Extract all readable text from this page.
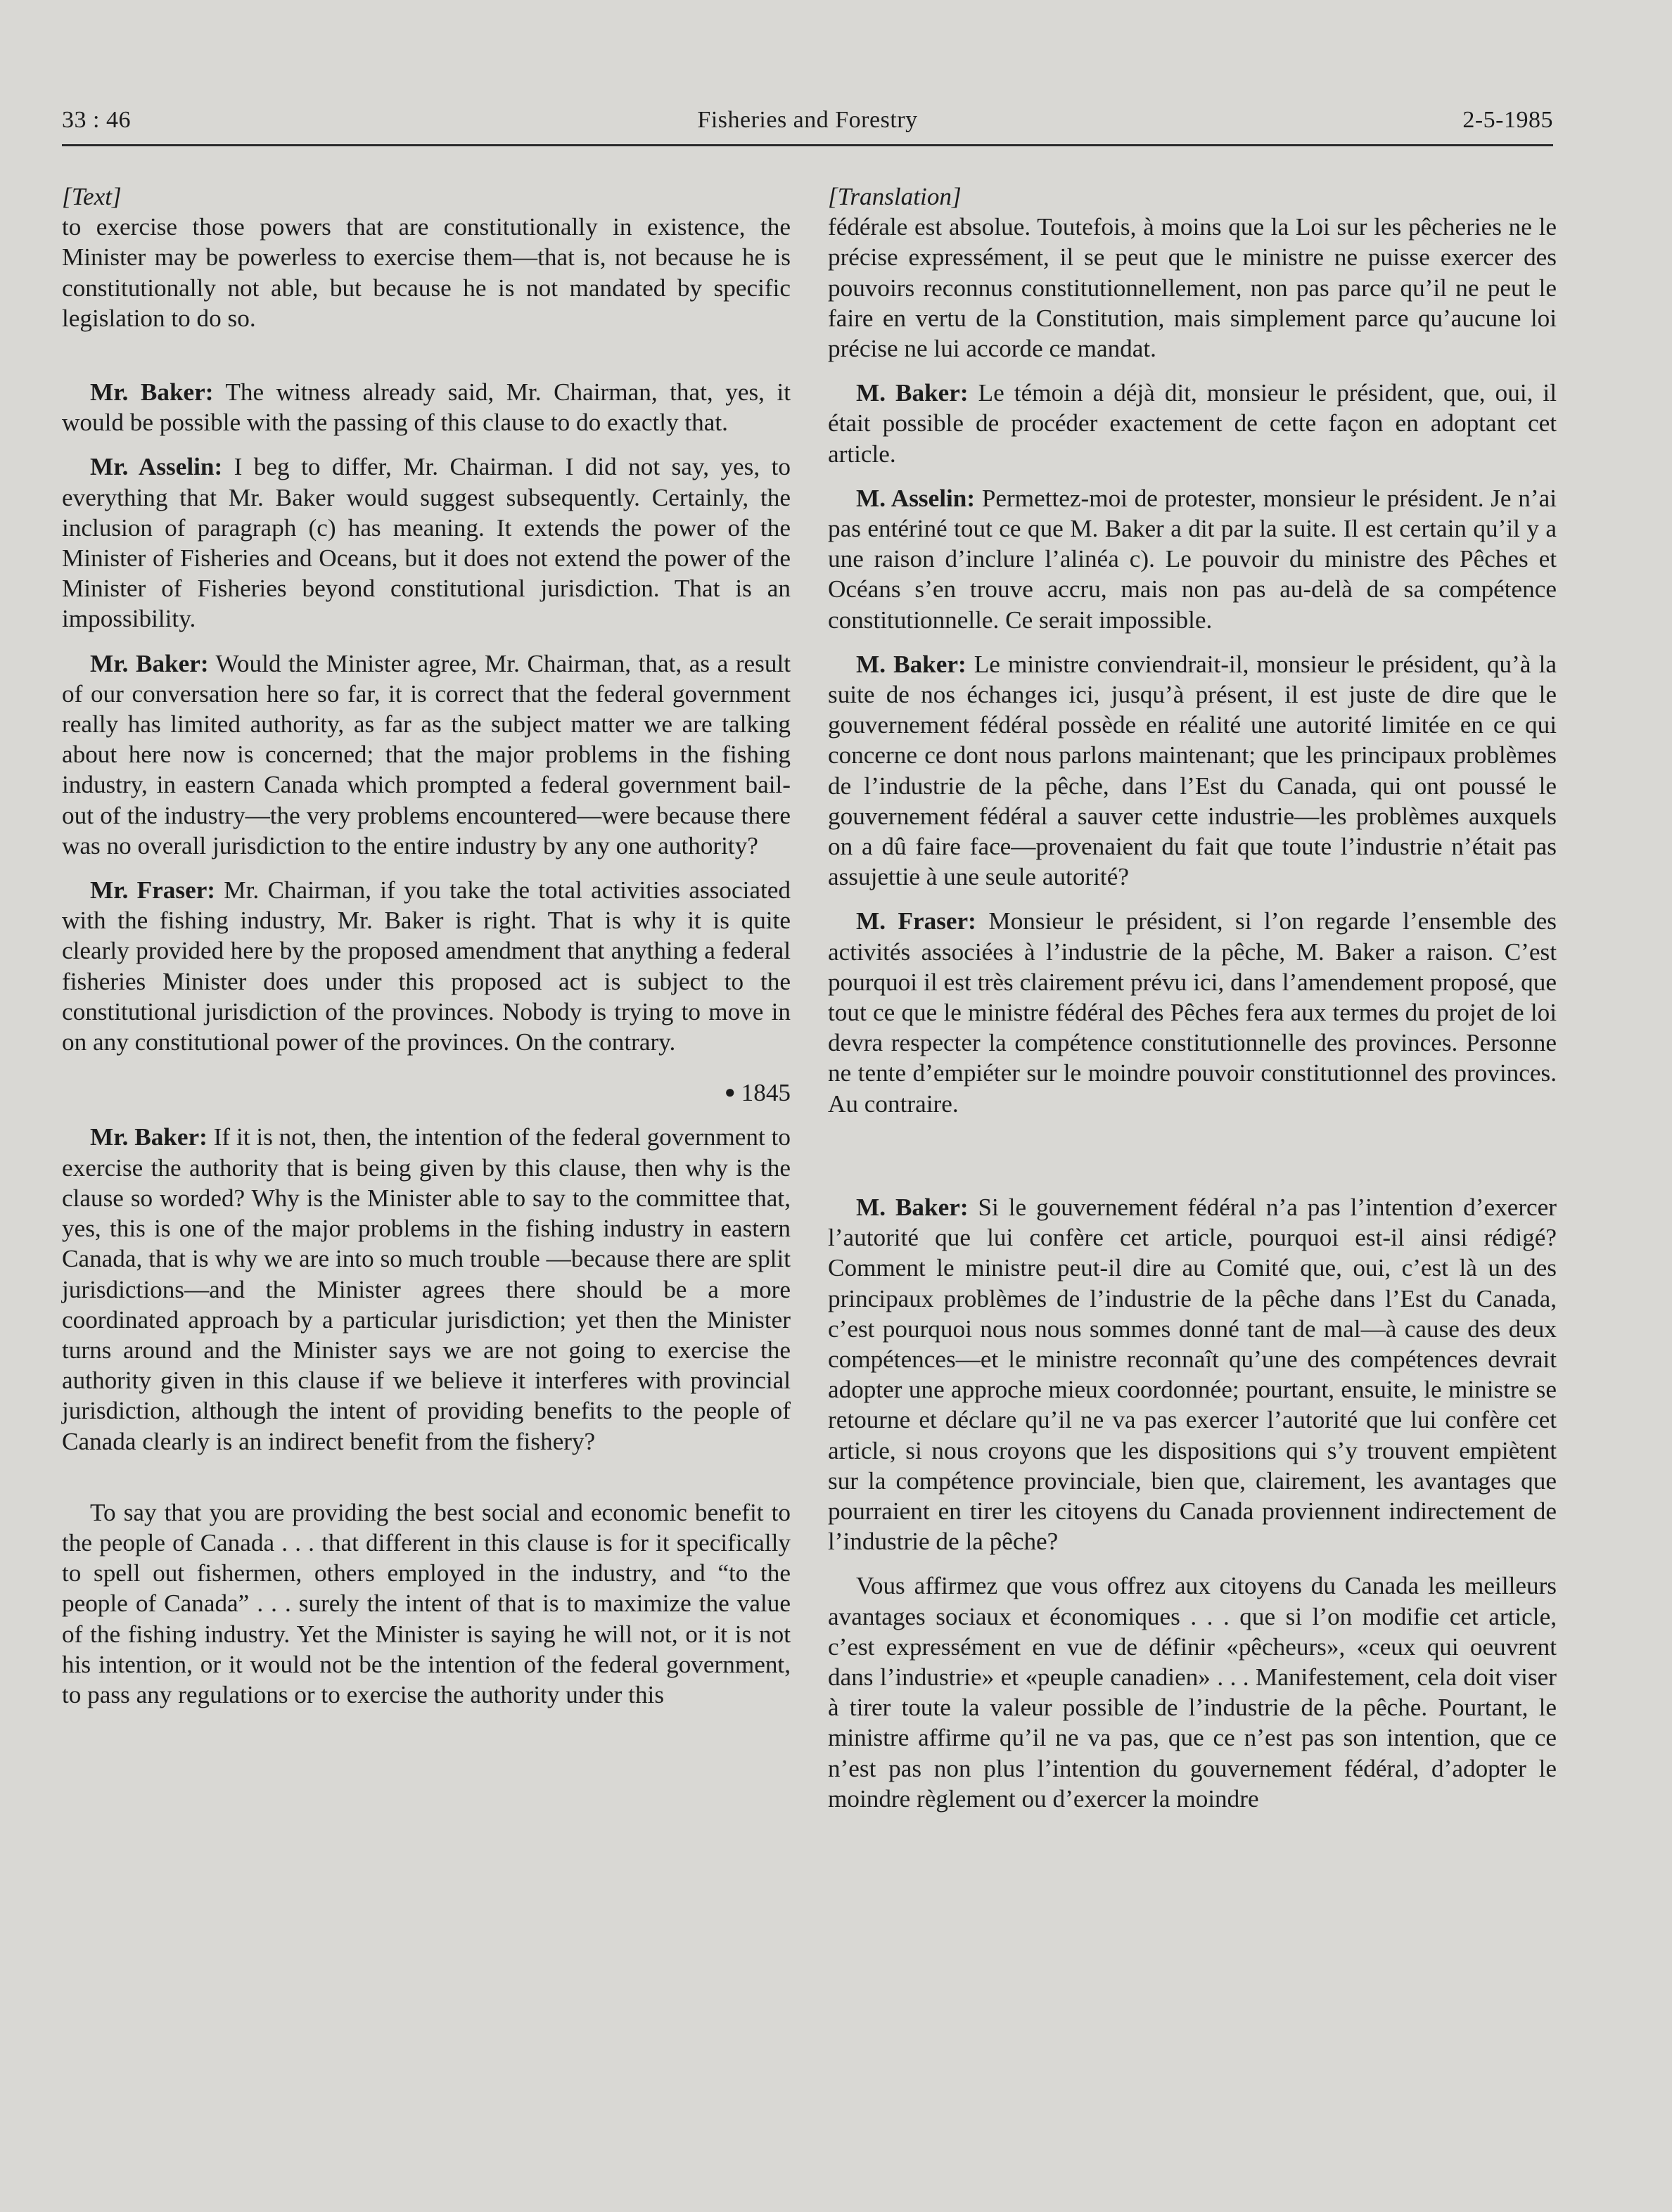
33 : 46	Fisheries and Forestry	2-5-1985

[Text]

to exercise those powers that are constitutionally in existence, the Minister may be powerless to exercise them—that is, not because he is constitutionally not able, but because he is not mandated by specific legislation to do so.

Mr. Baker: The witness already said, Mr. Chairman, that, yes, it would be possible with the passing of this clause to do exactly that.

Mr. Asselin: I beg to differ, Mr. Chairman. I did not say, yes, to everything that Mr. Baker would suggest subsequently. Certainly, the inclusion of paragraph (c) has meaning. It extends the power of the Minister of Fisheries and Oceans, but it does not extend the power of the Minister of Fisheries beyond constitutional jurisdiction. That is an impossibility.

Mr. Baker: Would the Minister agree, Mr. Chairman, that, as a result of our conversation here so far, it is correct that the federal government really has limited authority, as far as the subject matter we are talking about here now is concerned; that the major problems in the fishing industry, in eastern Canada which prompted a federal government bail-out of the industry—the very problems encountered—were because there was no overall jurisdiction to the entire industry by any one authority?

Mr. Fraser: Mr. Chairman, if you take the total activities associated with the fishing industry, Mr. Baker is right. That is why it is quite clearly provided here by the proposed amendment that anything a federal fisheries Minister does under this proposed act is subject to the constitutional jurisdiction of the provinces. Nobody is trying to move in on any constitutional power of the provinces. On the contrary.

● 1845

Mr. Baker: If it is not, then, the intention of the federal government to exercise the authority that is being given by this clause, then why is the clause so worded? Why is the Minister able to say to the committee that, yes, this is one of the major problems in the fishing industry in eastern Canada, that is why we are into so much trouble —because there are split jurisdictions—and the Minister agrees there should be a more coordinated approach by a particular jurisdiction; yet then the Minister turns around and the Minister says we are not going to exercise the authority given in this clause if we believe it interferes with provincial jurisdiction, although the intent of providing benefits to the people of Canada clearly is an indirect benefit from the fishery?

To say that you are providing the best social and economic benefit to the people of Canada . . . that different in this clause is for it specifically to spell out fishermen, others employed in the industry, and “to the people of Canada” . . . surely the intent of that is to maximize the value of the fishing industry. Yet the Minister is saying he will not, or it is not his intention, or it would not be the intention of the federal government, to pass any regulations or to exercise the authority under this

[Translation]

fédérale est absolue. Toutefois, à moins que la Loi sur les pêcheries ne le précise expressément, il se peut que le ministre ne puisse exercer des pouvoirs reconnus constitutionnellement, non pas parce qu’il ne peut le faire en vertu de la Constitution, mais simplement parce qu’aucune loi précise ne lui accorde ce mandat.

M. Baker: Le témoin a déjà dit, monsieur le président, que, oui, il était possible de procéder exactement de cette façon en adoptant cet article.

M. Asselin: Permettez-moi de protester, monsieur le président. Je n’ai pas entériné tout ce que M. Baker a dit par la suite. Il est certain qu’il y a une raison d’inclure l’alinéa c). Le pouvoir du ministre des Pêches et Océans s’en trouve accru, mais non pas au-delà de sa compétence constitutionnelle. Ce serait impossible.

M. Baker: Le ministre conviendrait-il, monsieur le président, qu’à la suite de nos échanges ici, jusqu’à présent, il est juste de dire que le gouvernement fédéral possède en réalité une autorité limitée en ce qui concerne ce dont nous parlons maintenant; que les principaux problèmes de l’industrie de la pêche, dans l’Est du Canada, qui ont poussé le gouvernement fédéral a sauver cette industrie—les problèmes auxquels on a dû faire face—provenaient du fait que toute l’industrie n’était pas assujettie à une seule autorité?

M. Fraser: Monsieur le président, si l’on regarde l’ensemble des activités associées à l’industrie de la pêche, M. Baker a raison. C’est pourquoi il est très clairement prévu ici, dans l’amendement proposé, que tout ce que le ministre fédéral des Pêches fera aux termes du projet de loi devra respecter la compétence constitutionnelle des provinces. Personne ne tente d’empiéter sur le moindre pouvoir constitutionnel des provinces. Au contraire.

M. Baker: Si le gouvernement fédéral n’a pas l’intention d’exercer l’autorité que lui confère cet article, pourquoi est-il ainsi rédigé? Comment le ministre peut-il dire au Comité que, oui, c’est là un des principaux problèmes de l’industrie de la pêche dans l’Est du Canada, c’est pourquoi nous nous sommes donné tant de mal—à cause des deux compétences—et le ministre reconnaît qu’une des compétences devrait adopter une approche mieux coordonnée; pourtant, ensuite, le ministre se retourne et déclare qu’il ne va pas exercer l’autorité que lui confère cet article, si nous croyons que les dispositions qui s’y trouvent empiètent sur la compétence provinciale, bien que, clairement, les avantages que pourraient en tirer les citoyens du Canada proviennent indirectement de l’industrie de la pêche?

Vous affirmez que vous offrez aux citoyens du Canada les meilleurs avantages sociaux et économiques . . . que si l’on modifie cet article, c’est expressément en vue de définir «pêcheurs», «ceux qui oeuvrent dans l’industrie» et «peuple canadien» . . . Manifestement, cela doit viser à tirer toute la valeur possible de l’industrie de la pêche. Pourtant, le ministre affirme qu’il ne va pas, que ce n’est pas son intention, que ce n’est pas non plus l’intention du gouvernement fédéral, d’adopter le moindre règlement ou d’exercer la moindre
